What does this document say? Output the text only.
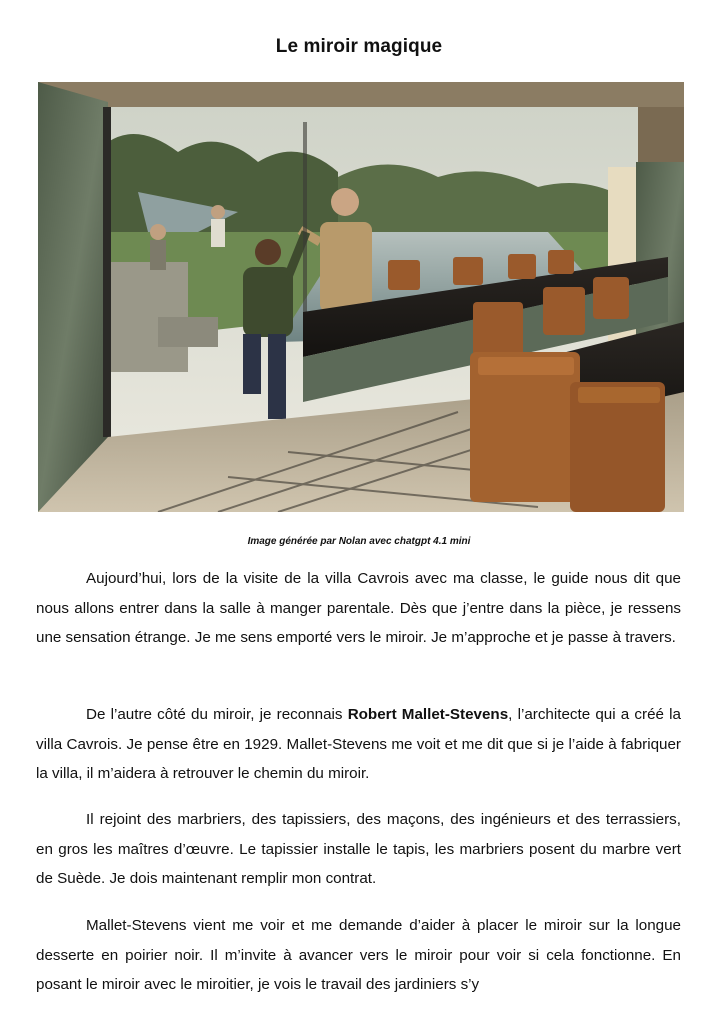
Le miroir magique
Image générée par Nolan avec chatgpt 4.1 mini

Aujourd’hui, lors de la visite de la villa Cavrois avec ma classe, le guide nous dit que nous allons entrer dans la salle à manger parentale. Dès que j’entre dans la pièce, je ressens une sensation étrange. Je me sens emporté vers le miroir. Je m’approche et je passe à travers.

De l’autre côté du miroir, je reconnais Robert Mallet-Stevens, l’architecte qui a créé la villa Cavrois. Je pense être en 1929. Mallet-Stevens me voit et me dit que si je l’aide à fabriquer la villa, il m’aidera à retrouver le chemin du miroir.

Il rejoint des marbriers, des tapissiers, des maçons, des ingénieurs et des terrassiers, en gros les maîtres d’œuvre. Le tapissier installe le tapis, les marbriers posent du marbre vert de Suède. Je dois maintenant remplir mon contrat.

Mallet-Stevens vient me voir et me demande d’aider à placer le miroir sur la longue desserte en poirier noir. Il m’invite à avancer vers le miroir pour voir si cela fonctionne. En posant le miroir avec le miroitier, je vois le travail des jardiniers s’y
